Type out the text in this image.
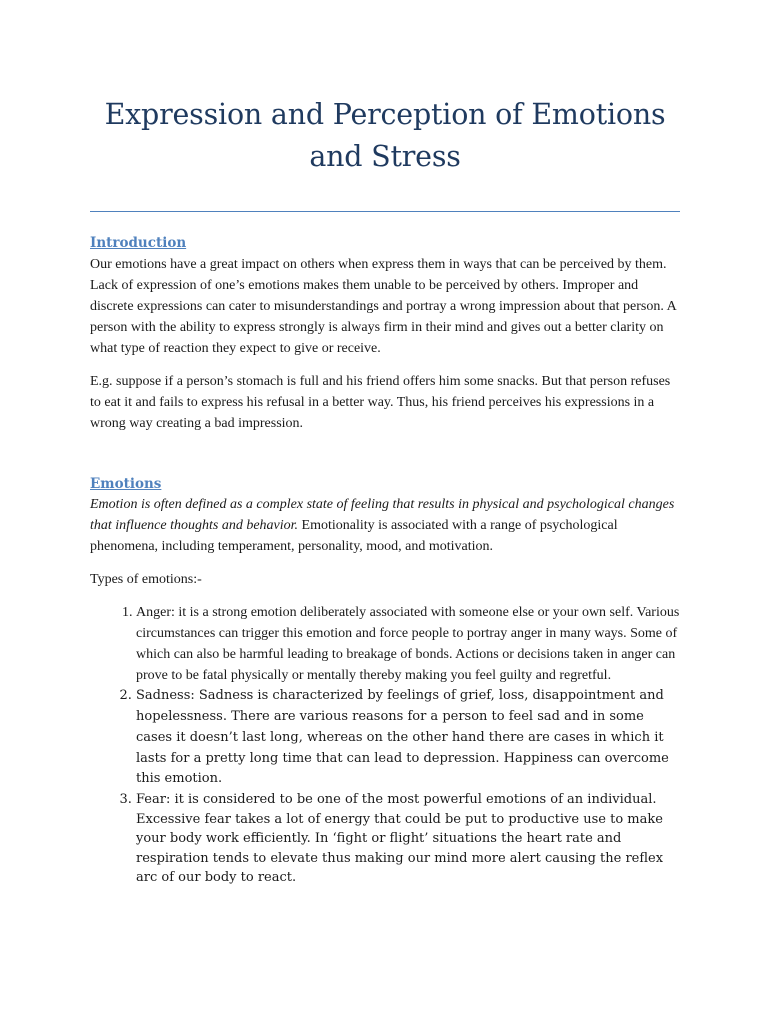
Expression and Perception of Emotions
and Stress
Introduction

Our emotions have a great impact on others when express them in ways that can be perceived by them. Lack of expression of one’s emotions makes them unable to be perceived by others. Improper and discrete expressions can cater to misunderstandings and portray a wrong impression about that person. A person with the ability to express strongly is always firm in their mind and gives out a better clarity on what type of reaction they expect to give or receive.

E.g. suppose if a person’s stomach is full and his friend offers him some snacks. But that person refuses to eat it and fails to express his refusal in a better way. Thus, his friend perceives his expressions in a wrong way creating a bad impression.

Emotions

Emotion is often defined as a complex state of feeling that results in physical and psychological changes that influence thoughts and behavior. Emotionality is associated with a range of psychological phenomena, including temperament, personality, mood, and motivation.

Types of emotions:-

1. Anger: it is a strong emotion deliberately associated with someone else or your own self. Various circumstances can trigger this emotion and force people to portray anger in many ways. Some of which can also be harmful leading to breakage of bonds. Actions or decisions taken in anger can prove to be fatal physically or mentally thereby making you feel guilty and regretful.
2. Sadness: Sadness is characterized by feelings of grief, loss, disappointment and hopelessness. There are various reasons for a person to feel sad and in some cases it doesn’t last long, whereas on the other hand there are cases in which it lasts for a pretty long time that can lead to depression. Happiness can overcome this emotion.
3. Fear: it is considered to be one of the most powerful emotions of an individual. Excessive fear takes a lot of energy that could be put to productive use to make your body work efficiently. In ‘fight or flight’ situations the heart rate and respiration tends to elevate thus making our mind more alert causing the reflex arc of our body to react.
